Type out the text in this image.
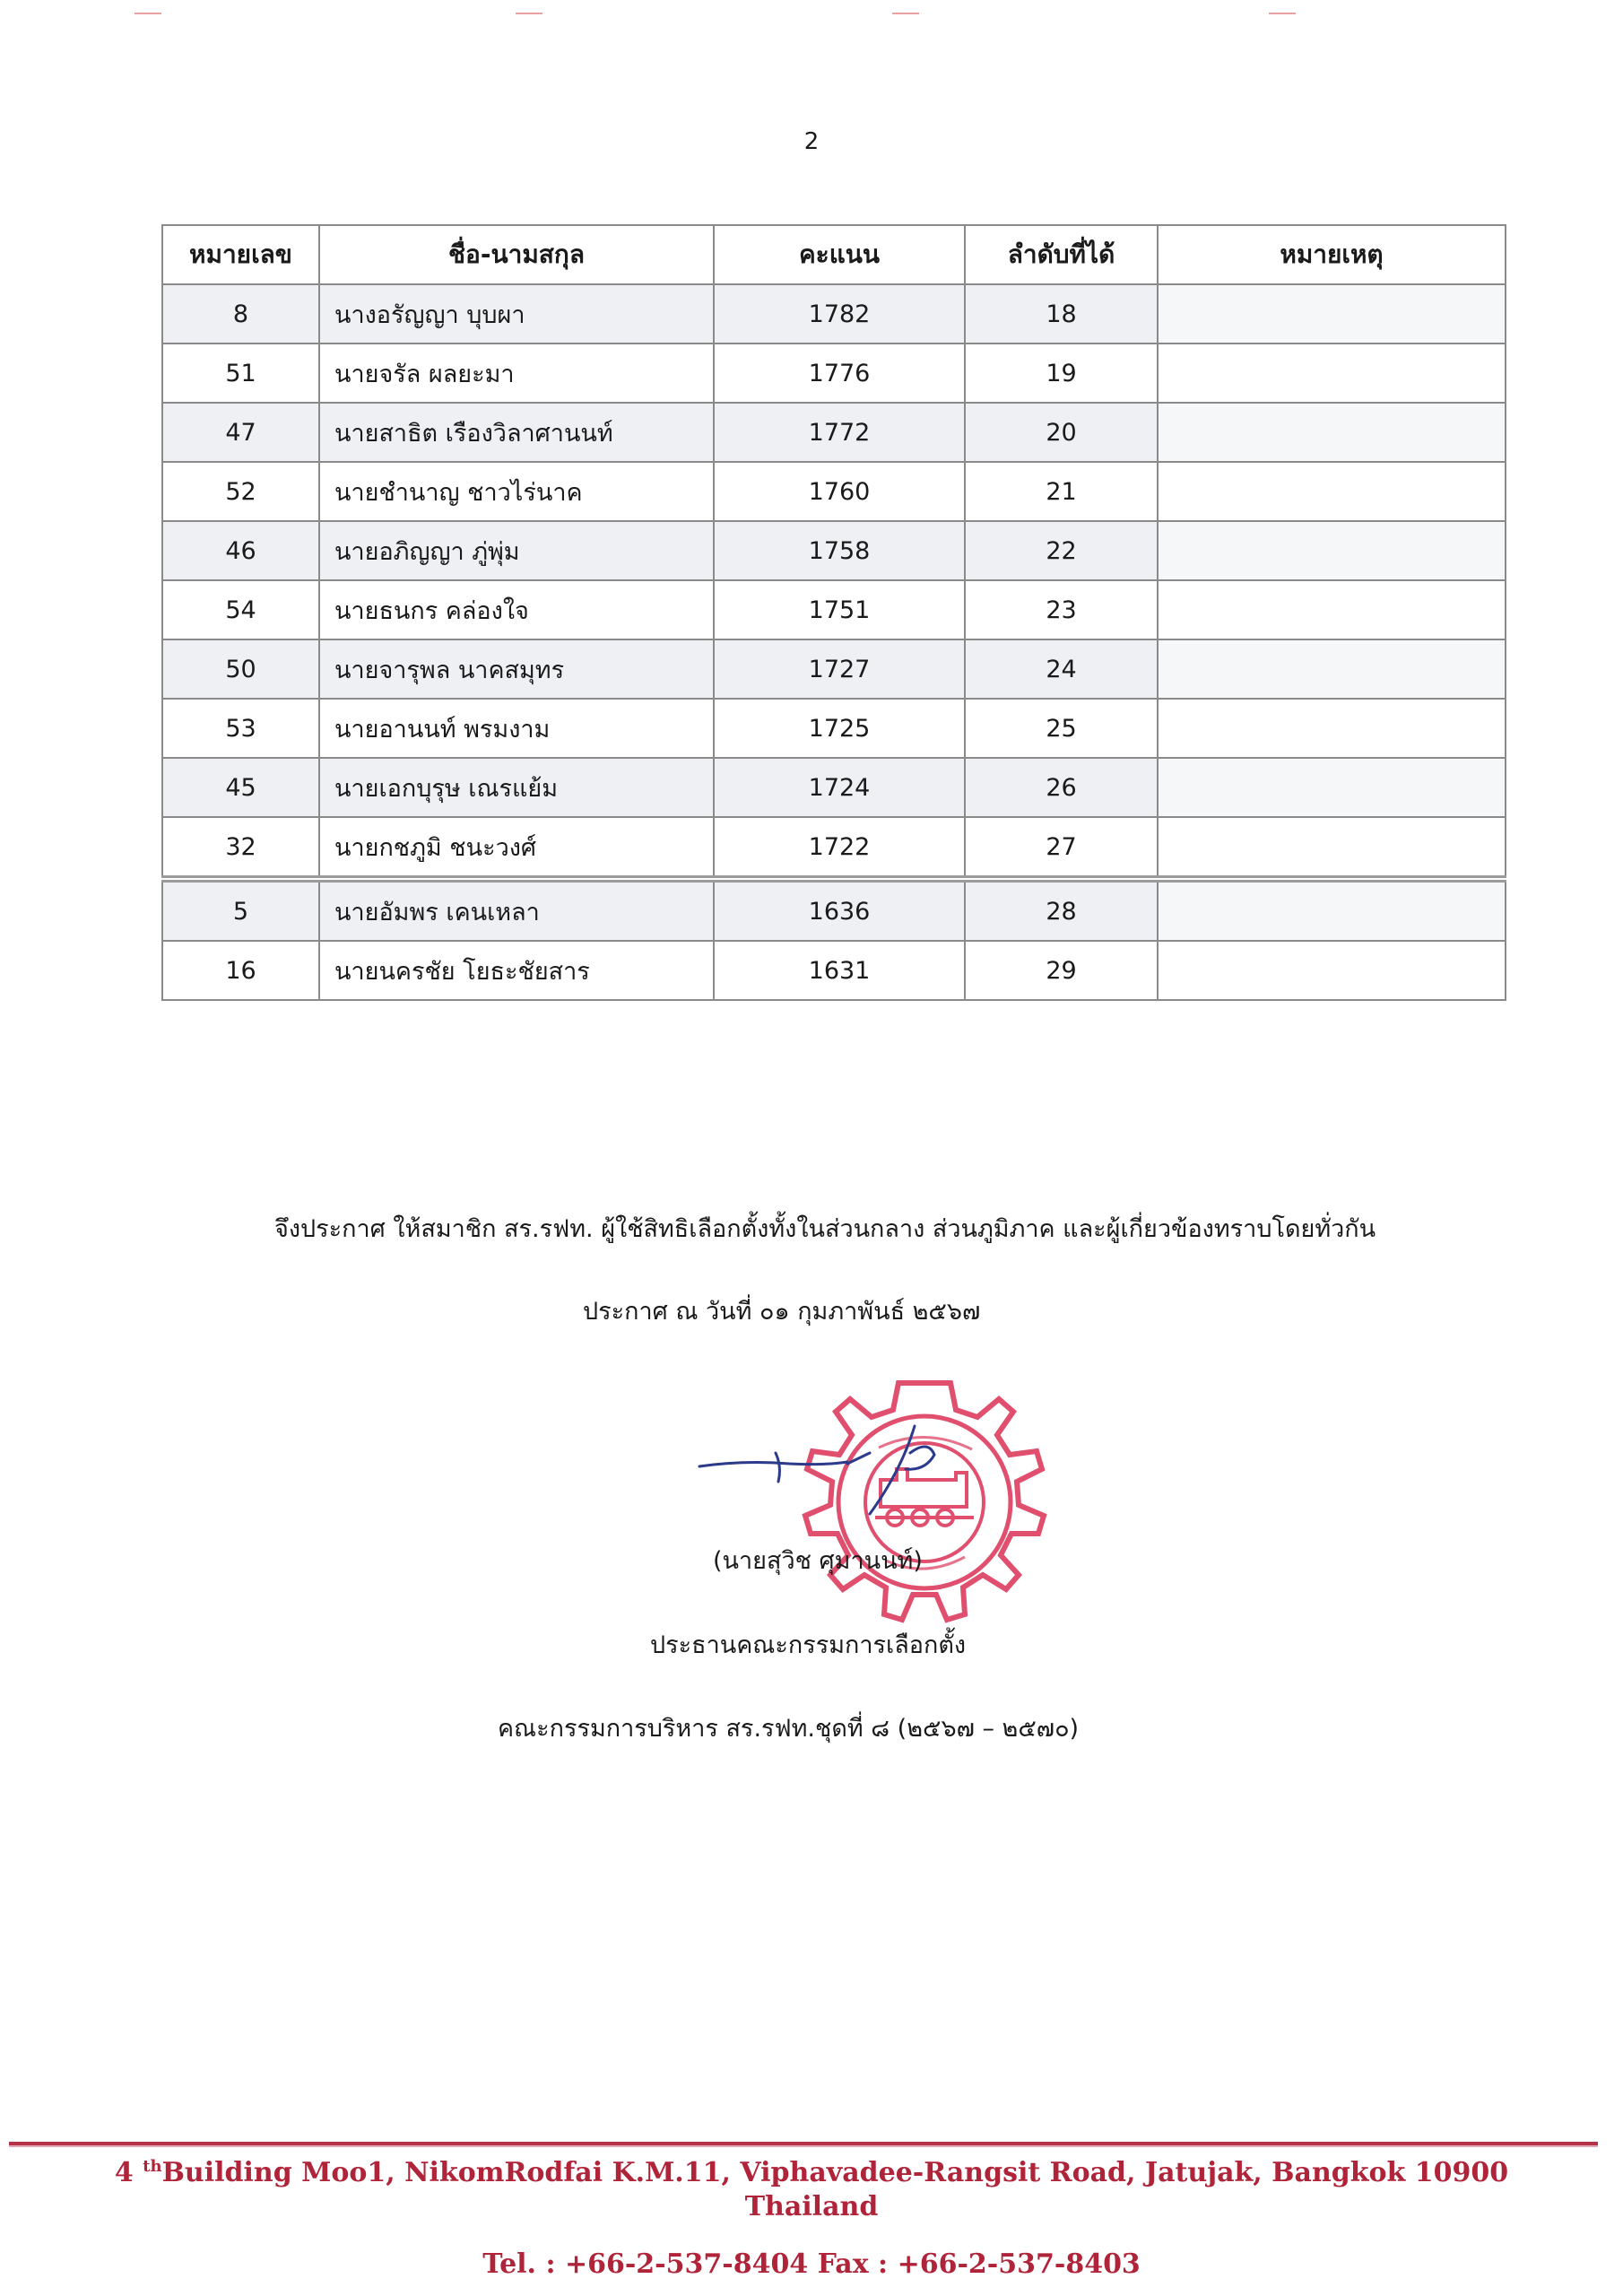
2
หมายเลข	ชื่อ-นามสกุล	คะแนน	ลำดับที่ได้	หมายเหตุ
8	นางอรัญญา บุบผา	1782	18	
51	นายจรัล ผลยะมา	1776	19	
47	นายสาธิต เรืองวิลาศานนท์	1772	20	
52	นายชำนาญ ชาวไร่นาค	1760	21	
46	นายอภิญญา ภู่พุ่ม	1758	22	
54	นายธนกร คล่องใจ	1751	23	
50	นายจารุพล นาคสมุทร	1727	24	
53	นายอานนท์ พรมงาม	1725	25	
45	นายเอกบุรุษ เณรแย้ม	1724	26	
32	นายกชภูมิ ชนะวงศ์	1722	27	
5	นายอัมพร เคนเหลา	1636	28	
16	นายนครชัย โยธะชัยสาร	1631	29	
จึงประกาศ ให้สมาชิก สร.รฟท. ผู้ใช้สิทธิเลือกตั้งทั้งในส่วนกลาง ส่วนภูมิภาค และผู้เกี่ยวข้องทราบโดยทั่วกัน
ประกาศ ณ วันที่ ๐๑ กุมภาพันธ์ ๒๕๖๗
(นายสุวิช ศุมานนท์)
ประธานคณะกรรมการเลือกตั้ง
คณะกรรมการบริหาร สร.รฟท.ชุดที่ ๘ (๒๕๖๗ – ๒๕๗๐)
4 $^{th}$Building Moo1, NikomRodfai K.M.11, Viphavadee-Rangsit Road, Jatujak, Bangkok 10900
Thailand
Tel. : +66-2-537-8404 Fax : +66-2-537-8403
